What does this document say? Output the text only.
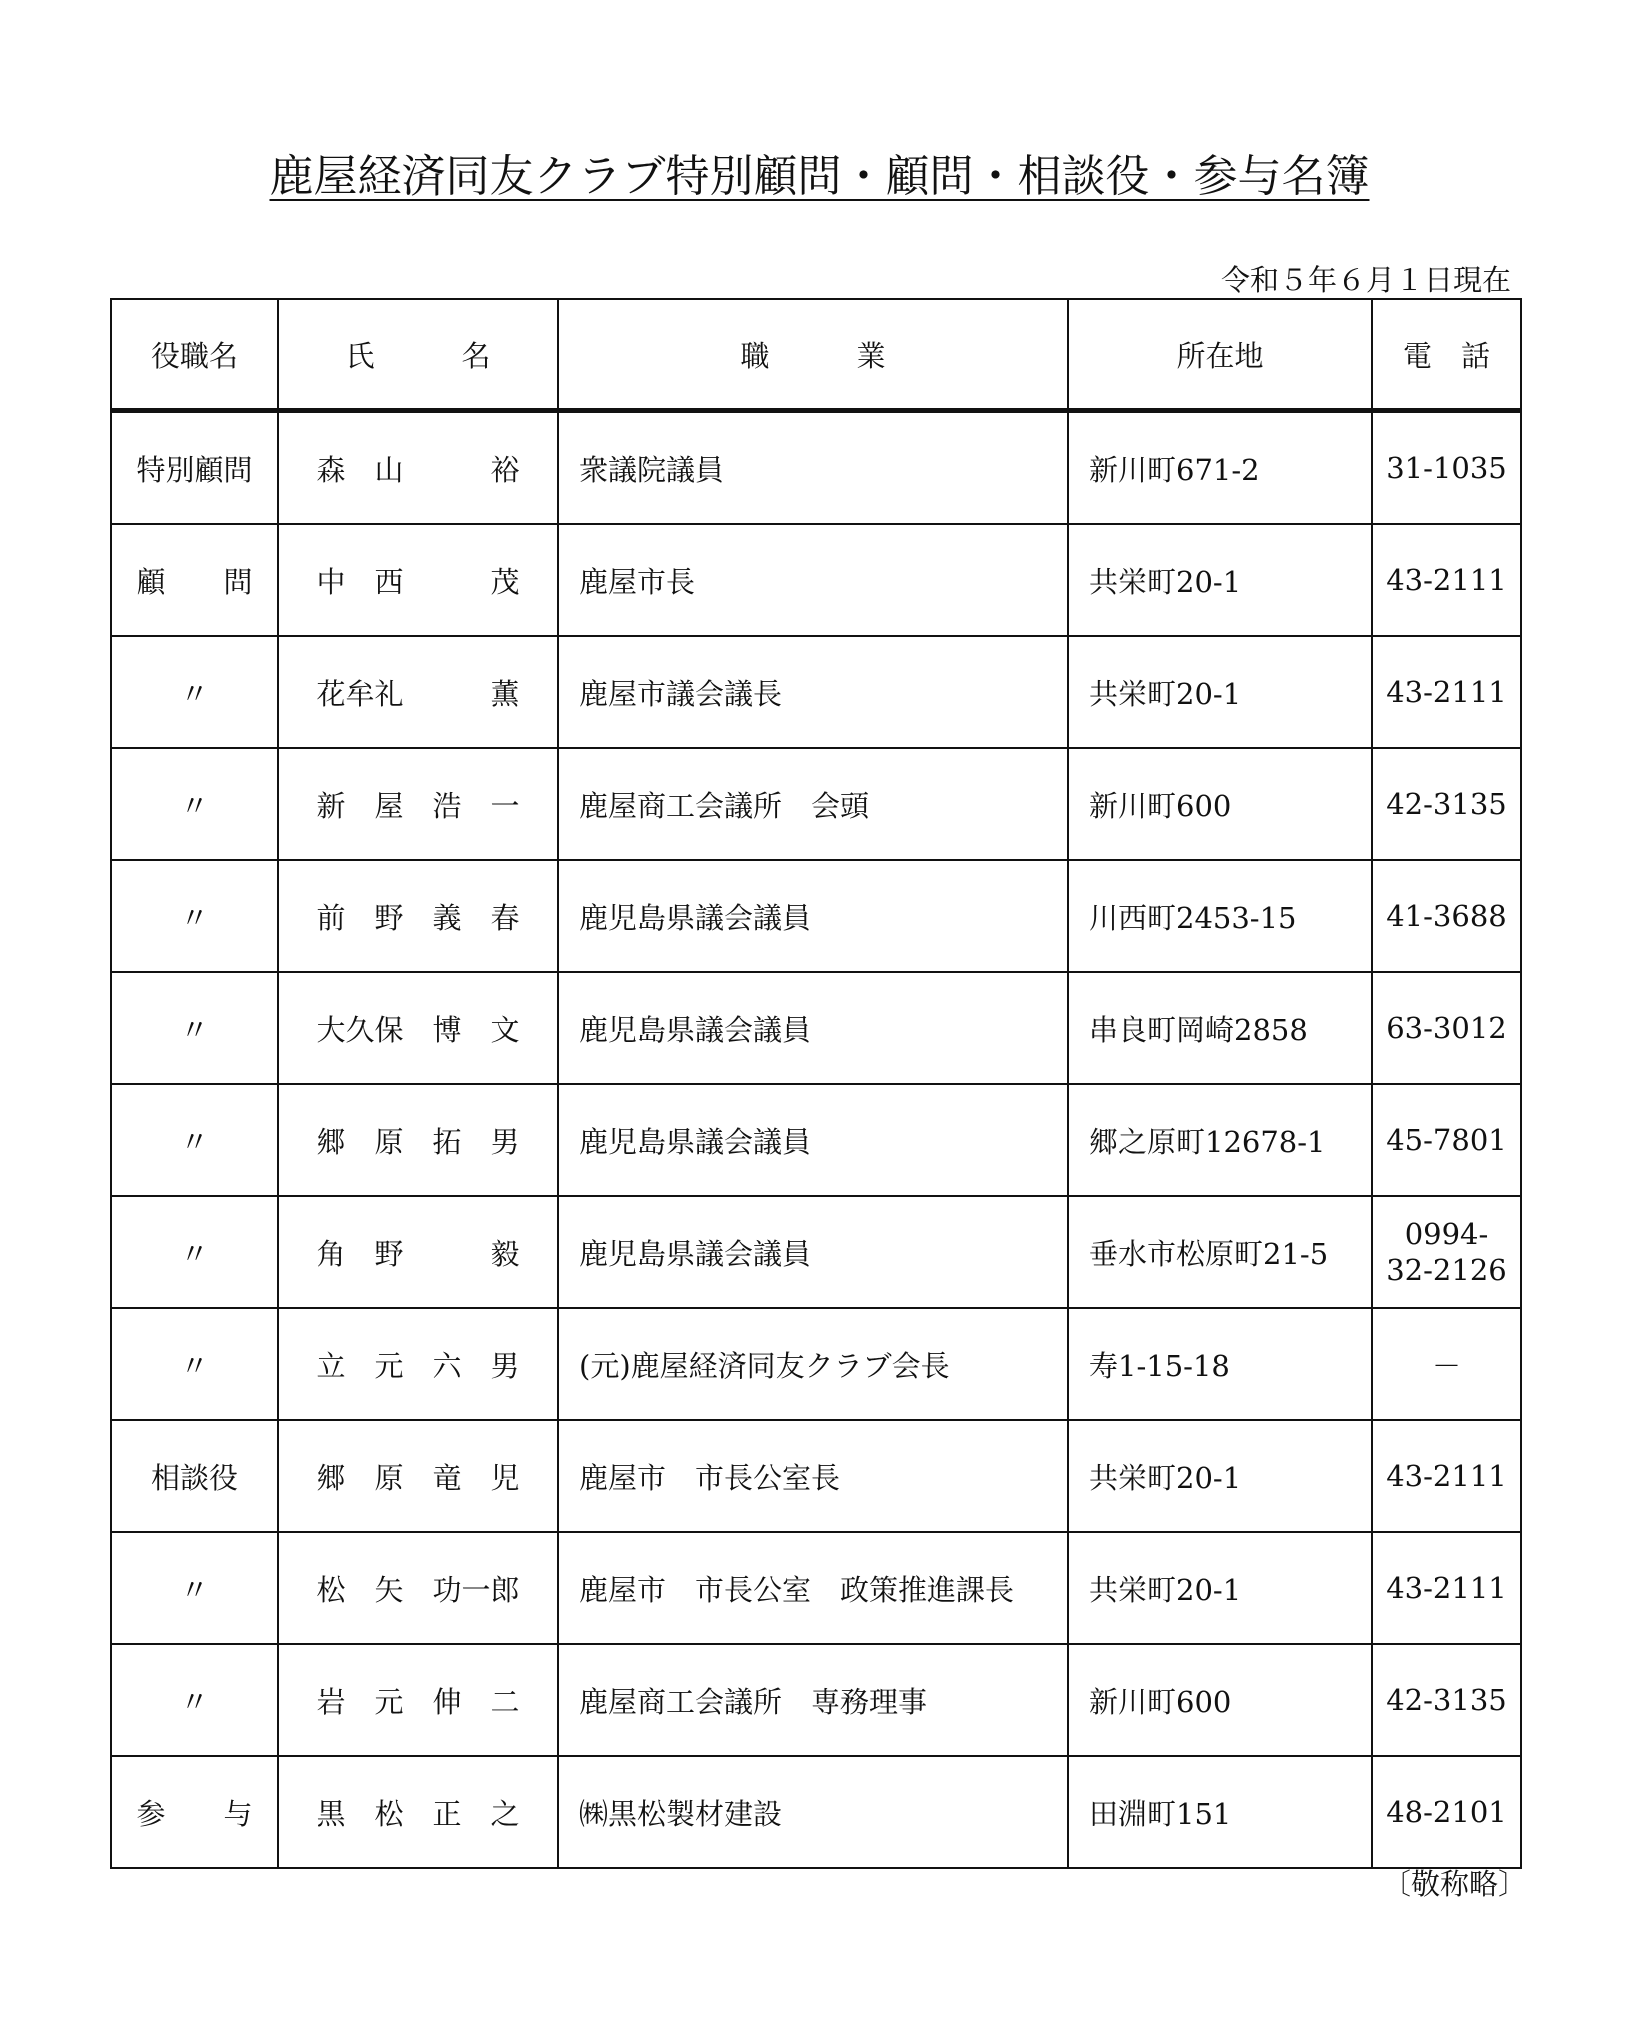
鹿屋経済同友クラブ特別顧問・顧問・相談役・参与名簿
令和５年６月１日現在
役職名	氏　　　名	職　　　業	所在地	電　話
特別顧問	森　山　　　裕	衆議院議員	新川町671-2	31-1035
顧　　問	中　西　　　茂	鹿屋市長	共栄町20-1	43-2111
〃	花牟礼　　　薫	鹿屋市議会議長	共栄町20-1	43-2111
〃	新　屋　浩　一	鹿屋商工会議所　会頭	新川町600	42-3135
〃	前　野　義　春	鹿児島県議会議員	川西町2453-15	41-3688
〃	大久保　博　文	鹿児島県議会議員	串良町岡崎2858	63-3012
〃	郷　原　拓　男	鹿児島県議会議員	郷之原町12678-1	45-7801
〃	角　野　　　毅	鹿児島県議会議員	垂水市松原町21-5	0994-
32-2126
〃	立　元　六　男	(元)鹿屋経済同友クラブ会長	寿1-15-18	－
相談役	郷　原　竜　児	鹿屋市　市長公室長	共栄町20-1	43-2111
〃	松　矢　功一郎	鹿屋市　市長公室　政策推進課長	共栄町20-1	43-2111
〃	岩　元　伸　二	鹿屋商工会議所　専務理事	新川町600	42-3135
参　　与	黒　松　正　之	㈱黒松製材建設	田淵町151	48-2101
〔敬称略〕
